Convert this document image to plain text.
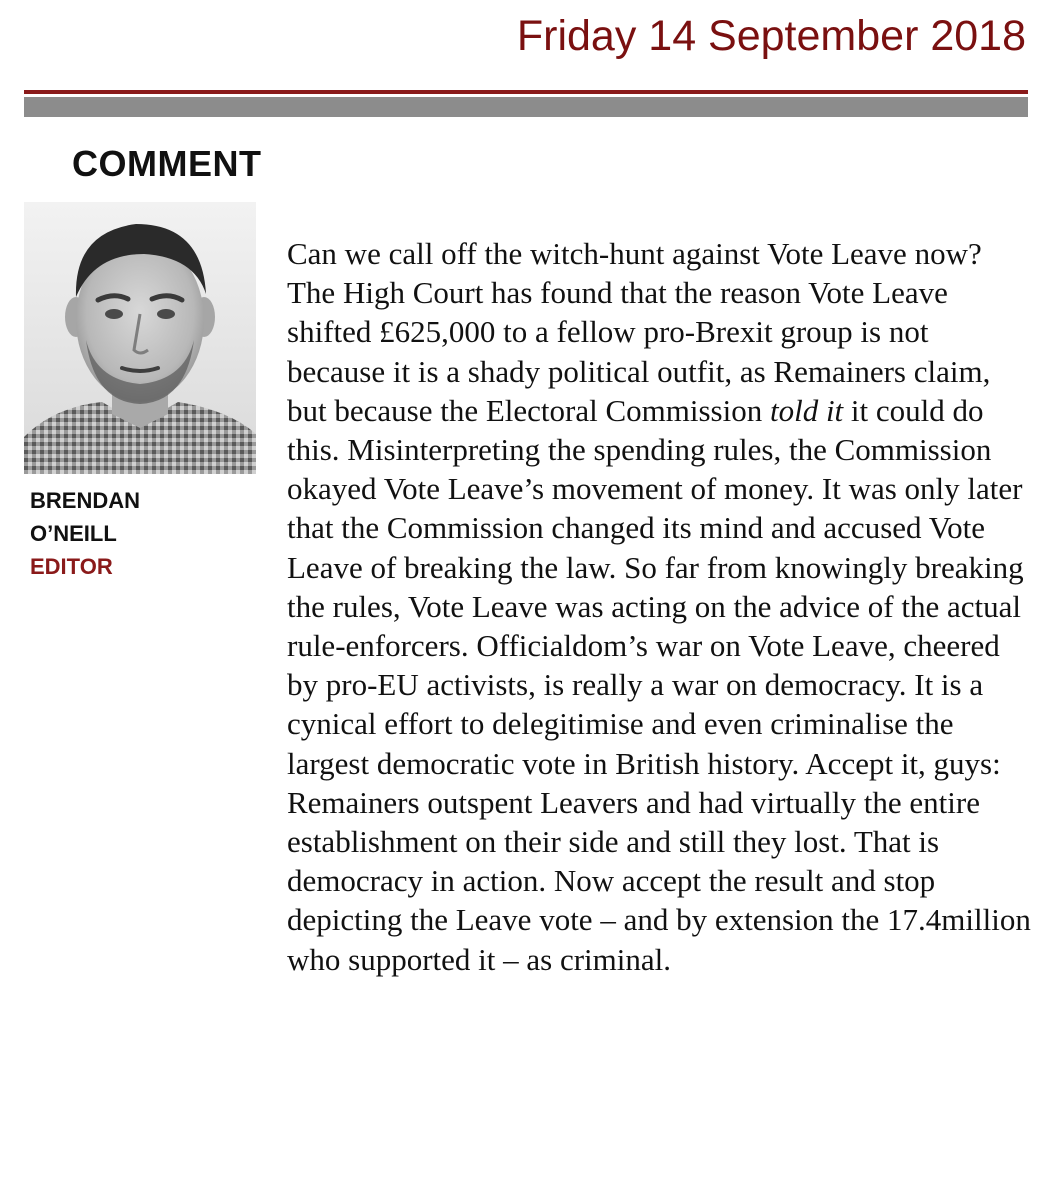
Friday 14 September 2018
COMMENT
BRENDAN
O’NEILL
EDITOR

Can we call off the witch-hunt against Vote Leave now? The High Court has found that the reason Vote Leave shifted £625,000 to a fellow pro-Brexit group is not because it is a shady political outfit, as Remainers claim, but because the Electoral Commission told it it could do this. Misinterpreting the spending rules, the Commission okayed Vote Leave’s movement of money. It was only later that the Commission changed its mind and accused Vote Leave of breaking the law. So far from knowingly breaking the rules, Vote Leave was acting on the advice of the actual rule-enforcers. Officialdom’s war on Vote Leave, cheered by pro-EU activists, is really a war on democracy. It is a cynical effort to delegitimise and even criminalise the largest democratic vote in British history. Accept it, guys: Remainers outspent Leavers and had virtually the entire establishment on their side and still they lost. That is democracy in action. Now accept the result and stop depicting the Leave vote – and by extension the 17.4million who supported it – as criminal.
